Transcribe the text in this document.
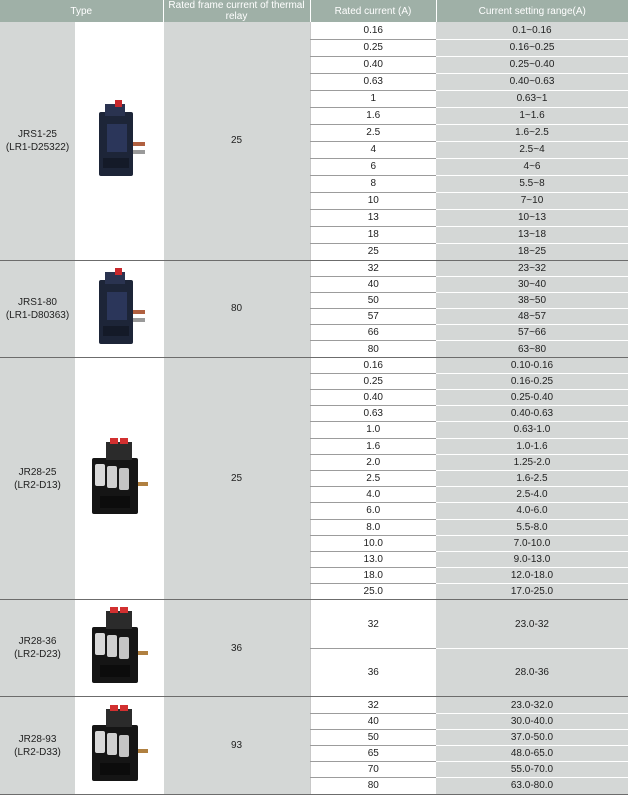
Type		Rated frame current of thermal relay	Rated current (A)	Current setting range(A)

JRS1-25
(LR1-D25322)		25	0.16	0.1~0.16
			0.25	0.16~0.25
			0.40	0.25~0.40
			0.63	0.40~0.63
			1	0.63~1
			1.6	1~1.6
			2.5	1.6~2.5
			4	2.5~4
			6	4~6
			8	5.5~8
			10	7~10
			13	10~13
			18	13~18
			25	18~25

JRS1-80
(LR1-D80363)		80	32	23~32
			40	30~40
			50	38~50
			57	48~57
			66	57~66
			80	63~80

JR28-25
(LR2-D13)		25	0.16	0.10-0.16
			0.25	0.16-0.25
			0.40	0.25-0.40
			0.63	0.40-0.63
			1.0	0.63-1.0
			1.6	1.0-1.6
			2.0	1.25-2.0
			2.5	1.6-2.5
			4.0	2.5-4.0
			6.0	4.0-6.0
			8.0	5.5-8.0
			10.0	7.0-10.0
			13.0	9.0-13.0
			18.0	12.0-18.0
			25.0	17.0-25.0

JR28-36
(LR2-D23)		36	32	23.0-32
			36	28.0-36

JR28-93
(LR2-D33)		93	32	23.0-32.0
			40	30.0-40.0
			50	37.0-50.0
			65	48.0-65.0
			70	55.0-70.0
			80	63.0-80.0
